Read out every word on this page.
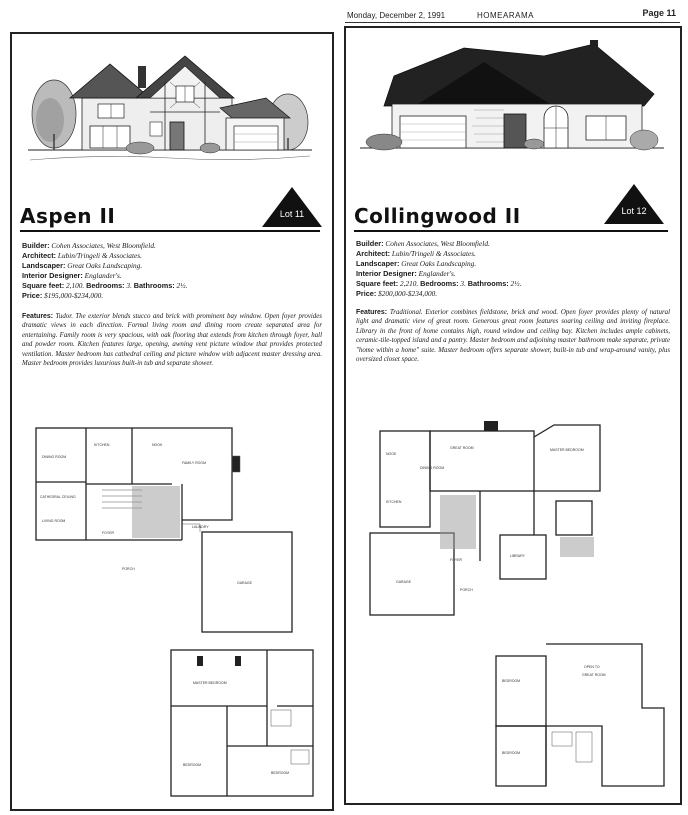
Monday, December 2, 1991	HOMEARAMA	Page 11
Aspen II	Lot 11
Builder: Cohen Associates, West Bloomfield.
Architect: Lubin/Tringeli & Associates.
Landscaper: Great Oaks Landscaping.
Interior Designer: Englander's.
Square feet: 2,100. Bedrooms: 3. Bathrooms: 2½.
Price: $195,000-$234,000.
Features: Tudor. The exterior blends stucco and brick with prominent bay window. Open foyer provides dramatic views in each direction. Formal living room and dining room create separated area for entertaining. Family room is very spacious, with oak flooring that extends from kitchen through foyer, hall and powder room. Kitchen features large, opening, awning vent picture window that provides protected ventilation. Master bedroom has cathedral ceiling and picture window with adjacent master dressing area. Master bedroom provides luxurious built-in tub and separate shower.
DINING ROOM
CATHEDRAL CEILING
LIVING ROOM
KITCHEN	NOOK
FAMILY ROOM
LAUNDRY
FOYER
PORCH
GARAGE
MASTER BEDROOM
BEDROOM
BEDROOM
Collingwood II	Lot 12
Builder: Cohen Associates, West Bloomfield.
Architect: Lubin/Tringeli & Associates.
Landscaper: Great Oaks Landscaping.
Interior Designer: Englander's.
Square feet: 2,210. Bedrooms: 3. Bathrooms: 2½.
Price: $200,000-$234,000.
Features: Traditional. Exterior combines fieldstone, brick and wood. Open foyer provides plenty of natural light and dramatic view of great room. Generous great room features soaring ceiling and inviting fireplace. Library in the front of home contains high, round window and ceiling bay. Kitchen includes ample cabinets, ceramic-tile-topped island and a pantry. Master bedroom and adjoining master bathroom make separate, private "home within a home" suite. Master bedroom offers separate shower, built-in tub and wrap-around vanity, plus oversized closet space.
NOOK
GREAT ROOM	MASTER BEDROOM
DINING ROOM
KITCHEN
FOYER
LIBRARY
GARAGE
PORCH
BEDROOM
OPEN TO
GREAT ROOM
BEDROOM
